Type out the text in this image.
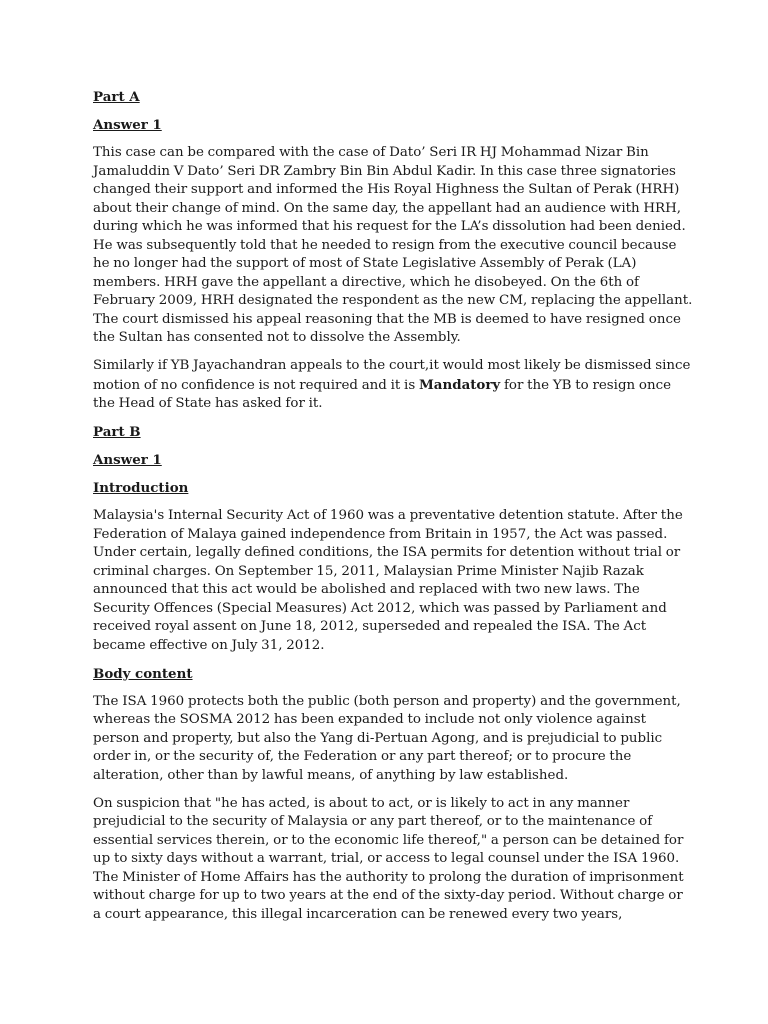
Part A
Answer 1
This case can be compared with the case of Dato’ Seri IR HJ Mohammad Nizar Bin
Jamaluddin V Dato’ Seri DR Zambry Bin Bin Abdul Kadir. In this case three signatories
changed their support and informed the His Royal Highness the Sultan of Perak (HRH)
about their change of mind. On the same day, the appellant had an audience with HRH,
during which he was informed that his request for the LA’s dissolution had been denied.
He was subsequently told that he needed to resign from the executive council because
he no longer had the support of most of State Legislative Assembly of Perak (LA)
members. HRH gave the appellant a directive, which he disobeyed. On the 6th of
February 2009, HRH designated the respondent as the new CM, replacing the appellant.
The court dismissed his appeal reasoning that the MB is deemed to have resigned once
the Sultan has consented not to dissolve the Assembly.
Similarly if YB Jayachandran appeals to the court,it would most likely be dismissed since
motion of no confidence is not required and it is Mandatory for the YB to resign once
the Head of State has asked for it.
Part B
Answer 1
Introduction
Malaysia's Internal Security Act of 1960 was a preventative detention statute. After the
Federation of Malaya gained independence from Britain in 1957, the Act was passed.
Under certain, legally defined conditions, the ISA permits for detention without trial or
criminal charges. On September 15, 2011, Malaysian Prime Minister Najib Razak
announced that this act would be abolished and replaced with two new laws. The
Security Offences (Special Measures) Act 2012, which was passed by Parliament and
received royal assent on June 18, 2012, superseded and repealed the ISA. The Act
became effective on July 31, 2012.
Body content
The ISA 1960 protects both the public (both person and property) and the government,
whereas the SOSMA 2012 has been expanded to include not only violence against
person and property, but also the Yang di-Pertuan Agong, and is prejudicial to public
order in, or the security of, the Federation or any part thereof; or to procure the
alteration, other than by lawful means, of anything by law established.
On suspicion that "he has acted, is about to act, or is likely to act in any manner
prejudicial to the security of Malaysia or any part thereof, or to the maintenance of
essential services therein, or to the economic life thereof," a person can be detained for
up to sixty days without a warrant, trial, or access to legal counsel under the ISA 1960.
The Minister of Home Affairs has the authority to prolong the duration of imprisonment
without charge for up to two years at the end of the sixty-day period. Without charge or
a court appearance, this illegal incarceration can be renewed every two years,
